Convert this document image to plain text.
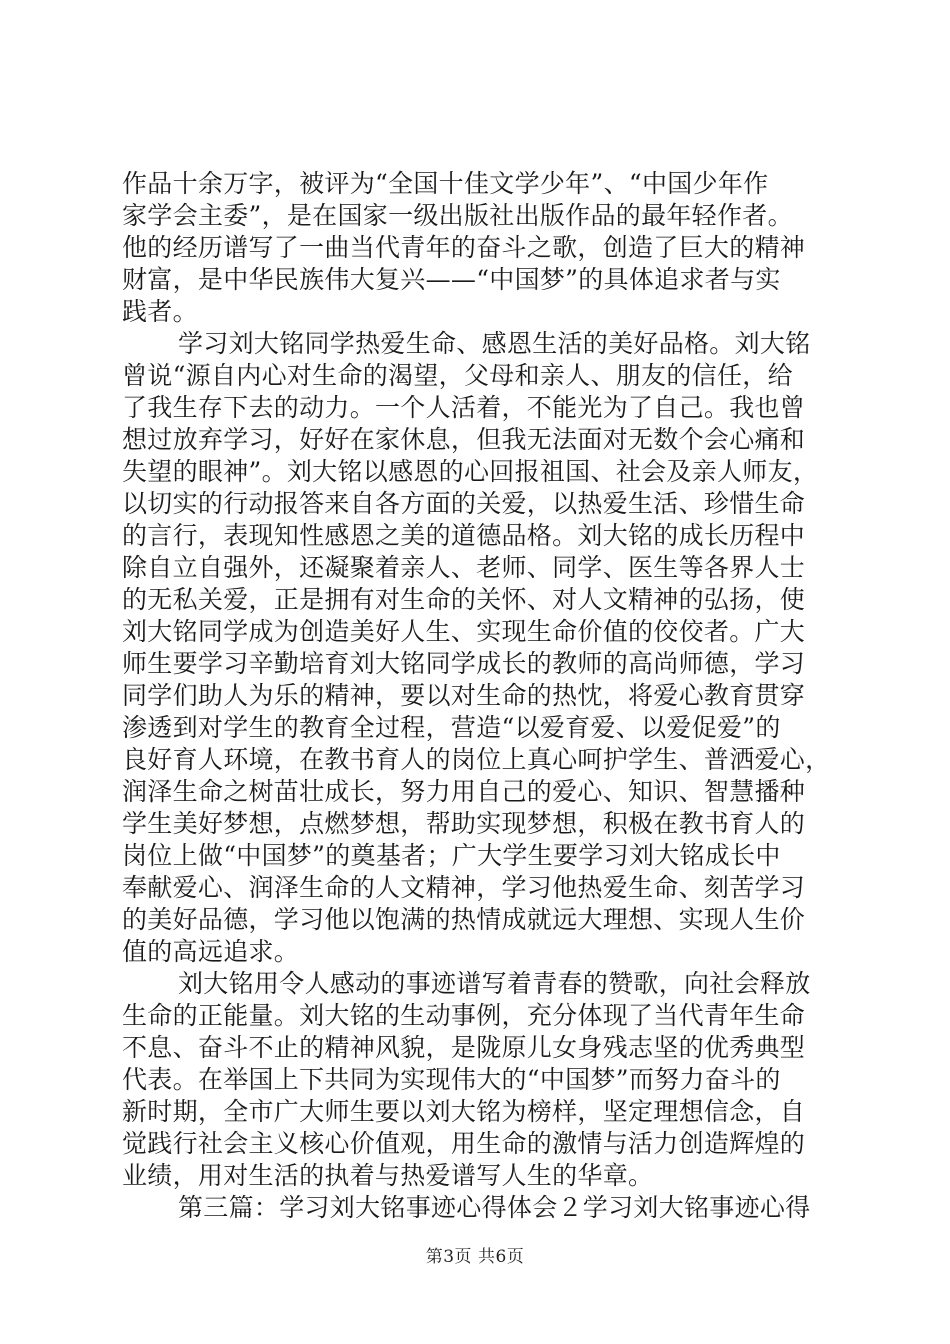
作品十余万字，被评为“全国十佳文学少年”、“中国少年作
家学会主委”，是在国家一级出版社出版作品的最年轻作者。
他的经历谱写了一曲当代青年的奋斗之歌，创造了巨大的精神
财富，是中华民族伟大复兴——“中国梦”的具体追求者与实
践者。
学习刘大铭同学热爱生命、感恩生活的美好品格。刘大铭
曾说“源自内心对生命的渴望，父母和亲人、朋友的信任，给
了我生存下去的动力。一个人活着，不能光为了自己。我也曾
想过放弃学习，好好在家休息，但我无法面对无数个会心痛和
失望的眼神”。刘大铭以感恩的心回报祖国、社会及亲人师友，
以切实的行动报答来自各方面的关爱，以热爱生活、珍惜生命
的言行，表现知性感恩之美的道德品格。刘大铭的成长历程中
除自立自强外，还凝聚着亲人、老师、同学、医生等各界人士
的无私关爱，正是拥有对生命的关怀、对人文精神的弘扬，使
刘大铭同学成为创造美好人生、实现生命价值的佼佼者。广大
师生要学习辛勤培育刘大铭同学成长的教师的高尚师德，学习
同学们助人为乐的精神，要以对生命的热忱，将爱心教育贯穿
渗透到对学生的教育全过程，营造“以爱育爱、以爱促爱”的
良好育人环境，在教书育人的岗位上真心呵护学生、普洒爱心，
润泽生命之树苗壮成长，努力用自己的爱心、知识、智慧播种
学生美好梦想，点燃梦想，帮助实现梦想，积极在教书育人的
岗位上做“中国梦”的奠基者；广大学生要学习刘大铭成长中
奉献爱心、润泽生命的人文精神，学习他热爱生命、刻苦学习
的美好品德，学习他以饱满的热情成就远大理想、实现人生价
值的高远追求。
刘大铭用令人感动的事迹谱写着青春的赞歌，向社会释放
生命的正能量。刘大铭的生动事例，充分体现了当代青年生命
不息、奋斗不止的精神风貌，是陇原儿女身残志坚的优秀典型
代表。在举国上下共同为实现伟大的“中国梦”而努力奋斗的
新时期，全市广大师生要以刘大铭为榜样，坚定理想信念，自
觉践行社会主义核心价值观，用生命的激情与活力创造辉煌的
业绩，用对生活的执着与热爱谱写人生的华章。
第三篇：学习刘大铭事迹心得体会２学习刘大铭事迹心得
第3页 共6页
